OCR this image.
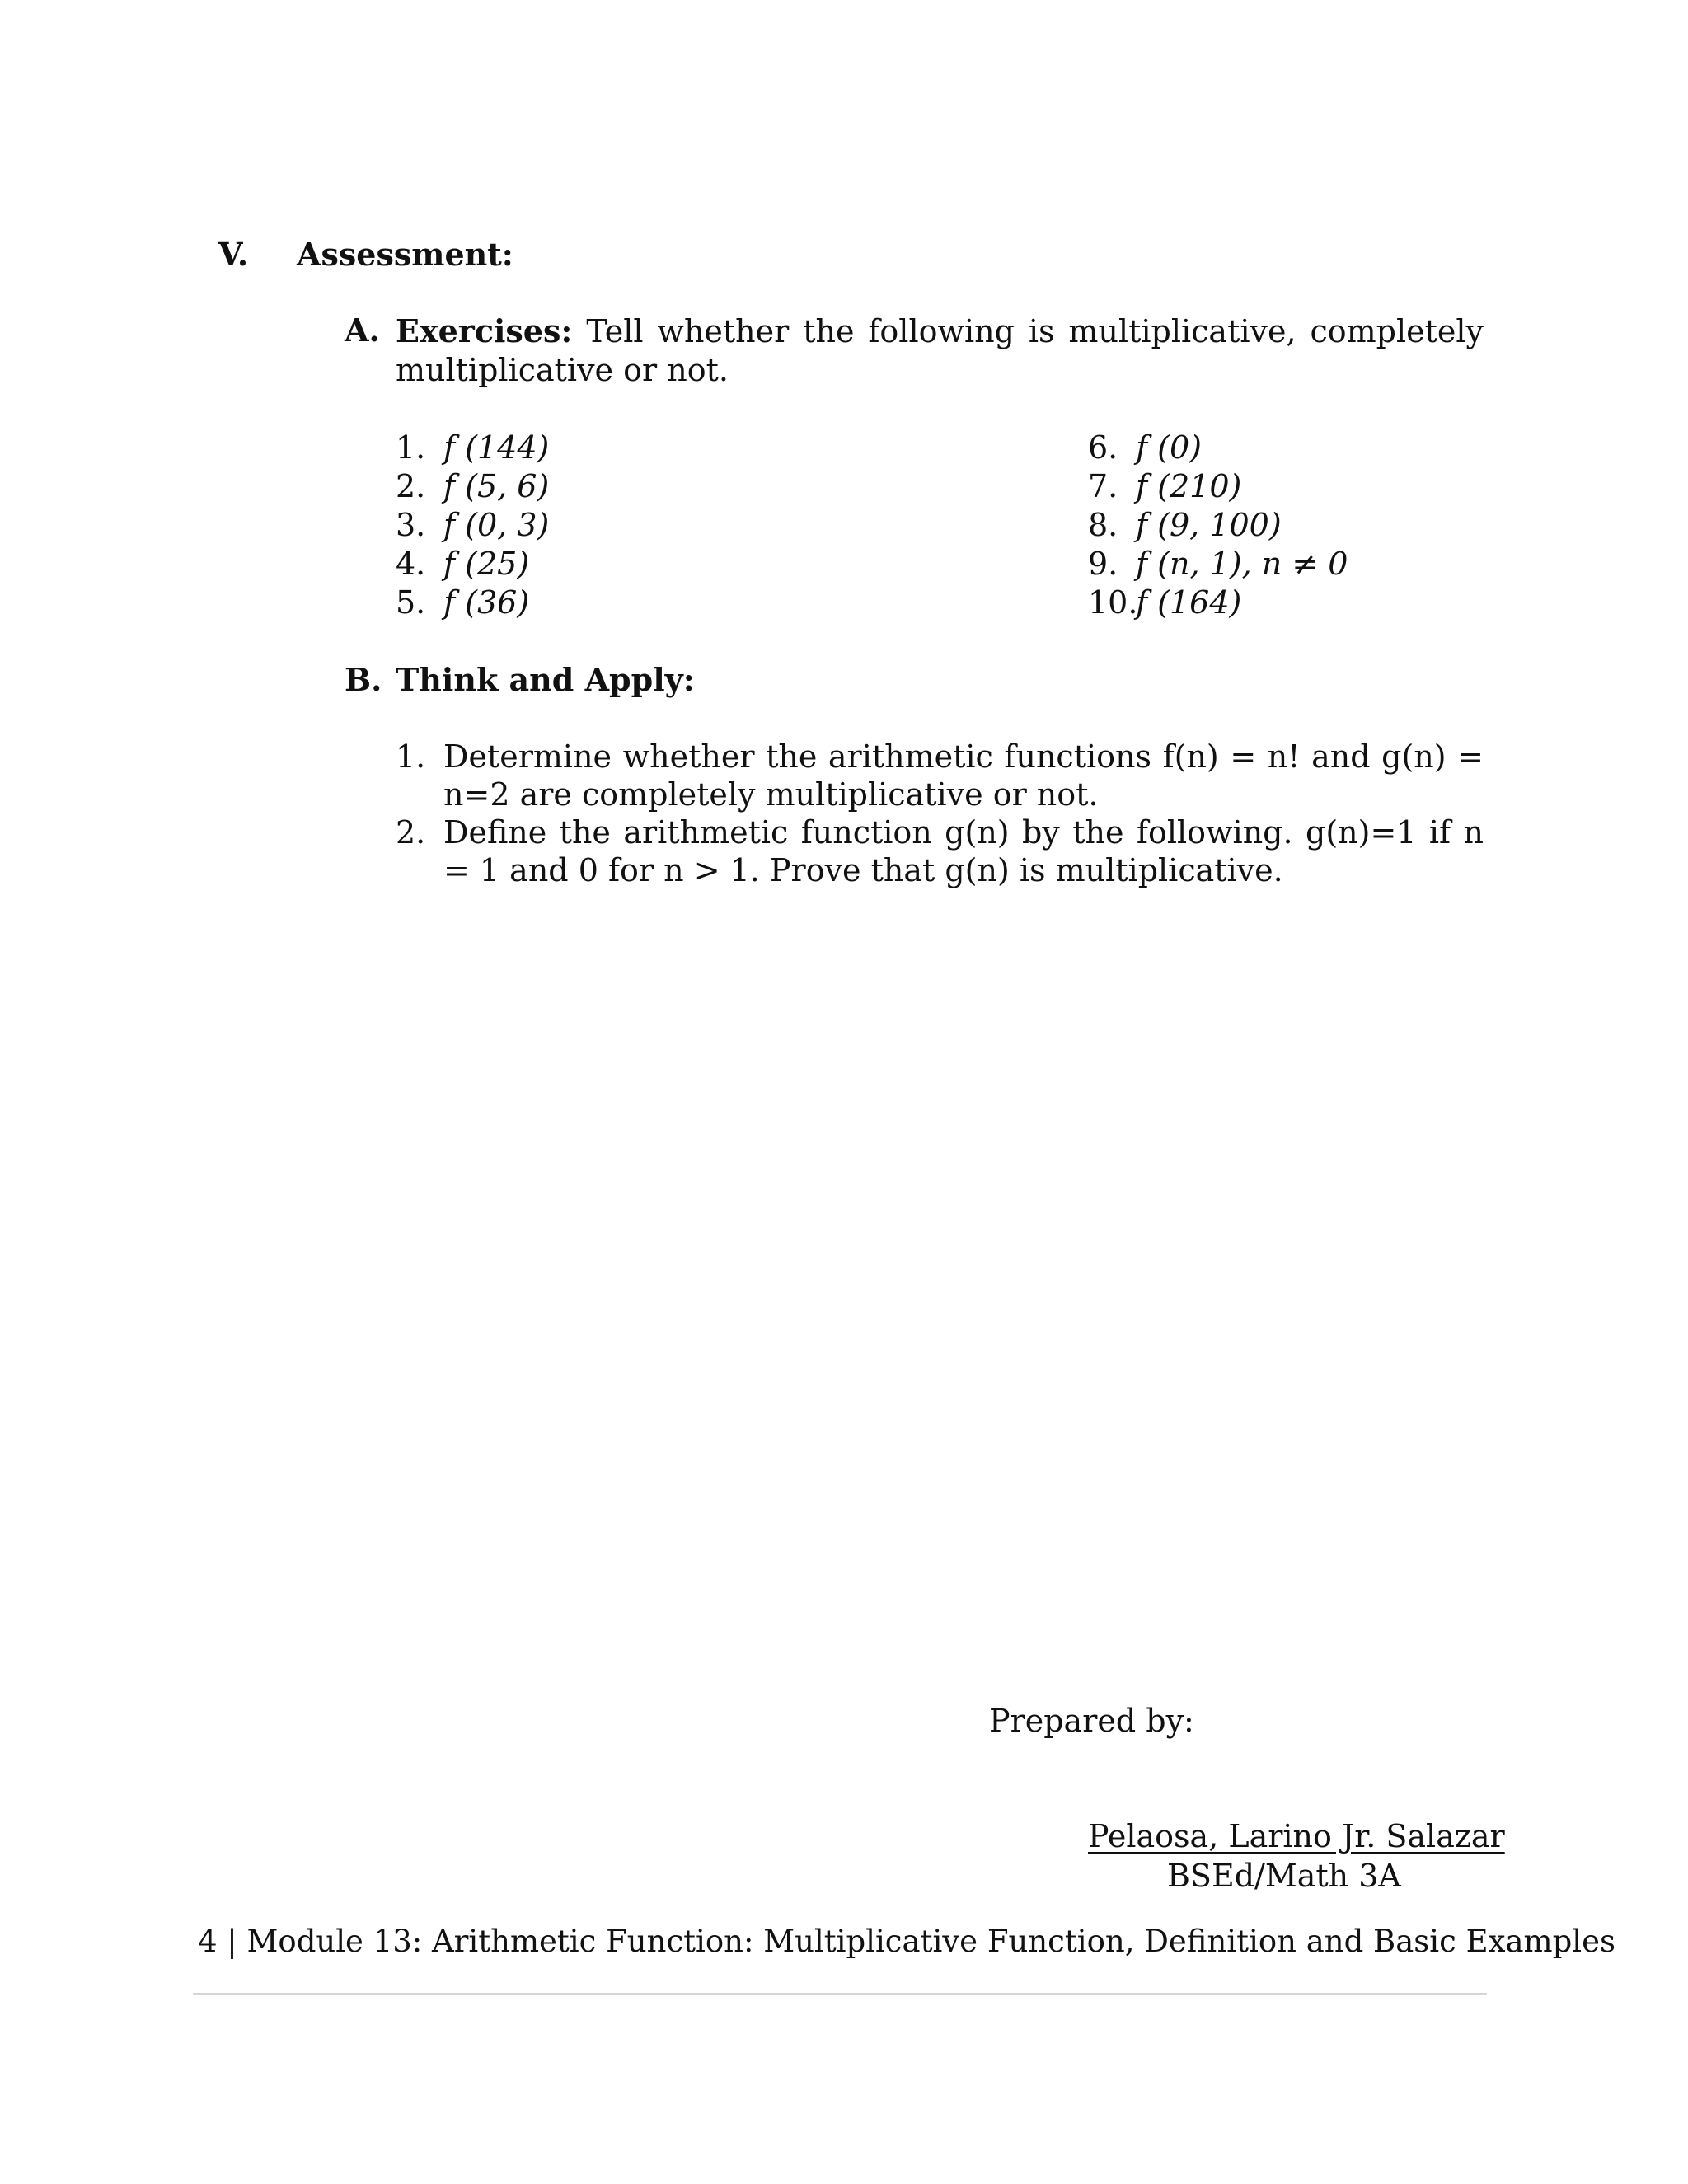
V. Assessment:
A. Exercises: Tell whether the following is multiplicative, completely multiplicative or not.
1. f (144)
2. f (5, 6)
3. f (0, 3)
4. f (25)
5. f (36)
6. f (0)
7. f (210)
8. f (9, 100)
9. f (n, 1), n ≠ 0
10.
f (164)
B. Think and Apply:
1. Determine whether the arithmetic functions f(n) = n! and g(n) = n=2 are completely multiplicative or not.
2. Define the arithmetic function g(n) by the following. g(n)=1 if n = 1 and 0 for n > 1. Prove that g(n) is multiplicative.
Prepared by:
Pelaosa, Larino Jr. Salazar
BSEd/Math 3A
4 | Module 13: Arithmetic Function: Multiplicative Function, Definition and Basic Examples
